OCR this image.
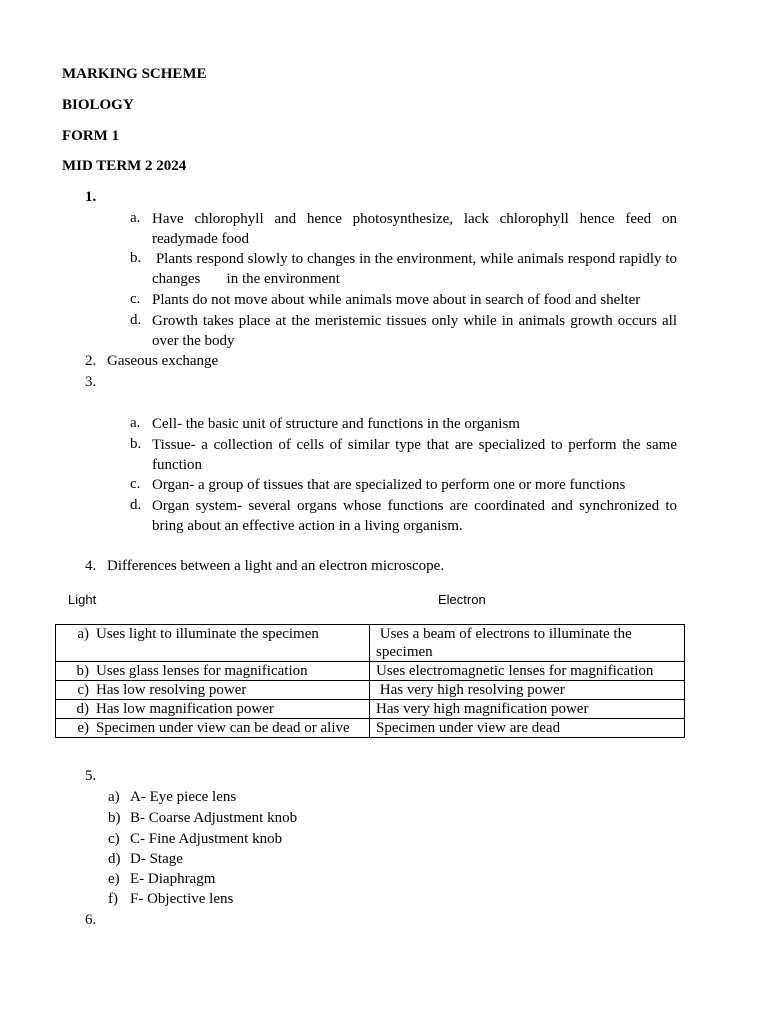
MARKING SCHEME
BIOLOGY
FORM 1
MID TERM 2 2024
1.
a. Have chlorophyll and hence photosynthesize, lack chlorophyll hence feed on readymade food
b. Plants respond slowly to changes in the environment, while animals respond rapidly to changes       in the environment
c. Plants do not move about while animals move about in search of food and shelter
d. Growth takes place at the meristemic tissues only while in animals growth occurs all over the body
2. Gaseous exchange
3.
a. Cell- the basic unit of structure and functions in the organism
b. Tissue- a collection of cells of similar type that are specialized to perform the same function
c. Organ- a group of tissues that are specialized to perform one or more functions
d. Organ system- several organs whose functions are coordinated and synchronized to bring about an effective action in a living organism.
4. Differences between a light and an electron microscope.
Light	Electron
a) Uses light to illuminate the specimen	Uses a beam of electrons to illuminate the specimen
b) Uses glass lenses for magnification	Uses electromagnetic lenses for magnification
c) Has low resolving power	Has very high resolving power
d) Has low magnification power	Has very high magnification power
e) Specimen under view can be dead or alive	Specimen under view are dead
5.
a) A- Eye piece lens
b) B- Coarse Adjustment knob
c) C- Fine Adjustment knob
d) D- Stage
e) E- Diaphragm
f) F- Objective lens
6.
